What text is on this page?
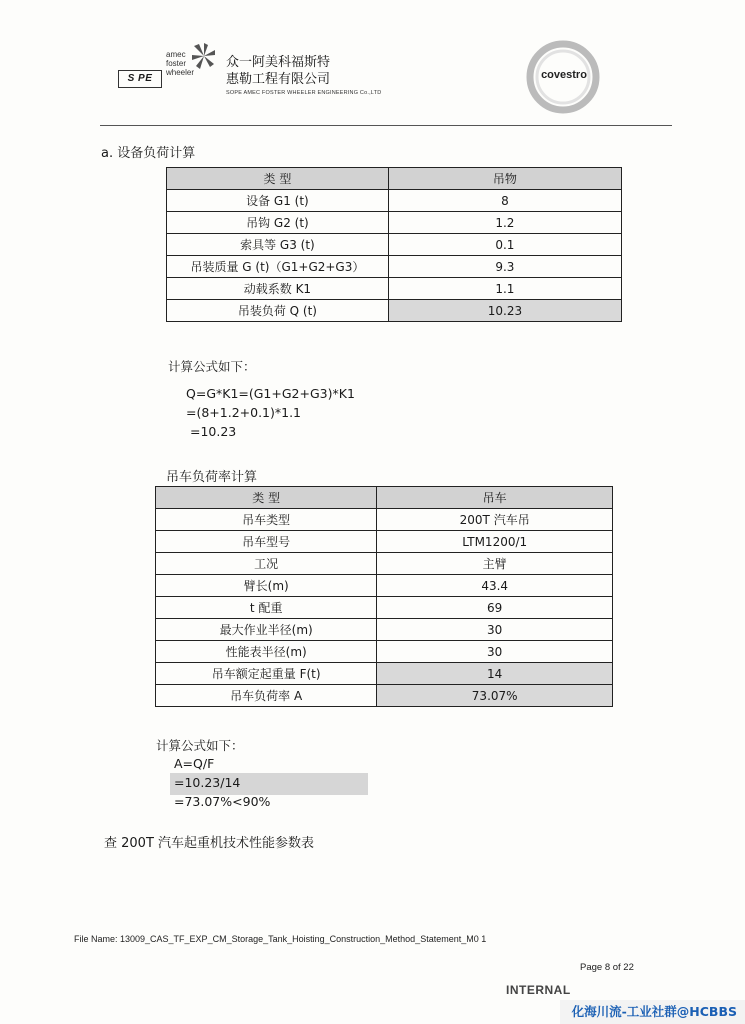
S PE
amec
foster
wheeler
众一阿美科福斯特
惠勒工程有限公司
SOPE AMEC FOSTER WHEELER ENGINEERING Co.,LTD
covestro
a. 设备负荷计算
类 型	吊物
设备 G1 (t)	8
吊钩 G2 (t)	1.2
索具等 G3 (t)	0.1
吊装质量 G (t)（G1+G2+G3）	9.3
动载系数 K1	1.1
吊装负荷 Q (t)	10.23
计算公式如下：
Q=G*K1=(G1+G2+G3)*K1
=(8+1.2+0.1)*1.1
=10.23
吊车负荷率计算
类 型	吊车
吊车类型	200T 汽车吊
吊车型号	LTM1200/1
工况	主臂
臂长(m)	43.4
t 配重	69
最大作业半径(m)	30
性能表半径(m)	30
吊车额定起重量 F(t)	14
吊车负荷率 A	73.07%
计算公式如下：
A=Q/F
=10.23/14
=73.07%<90%
查 200T 汽车起重机技术性能参数表
File Name: 13009_CAS_TF_EXP_CM_Storage_Tank_Hoisting_Construction_Method_Statement_M0 1
Page 8 of 22
INTERNAL
化海川流-工业社群@HCBBS
